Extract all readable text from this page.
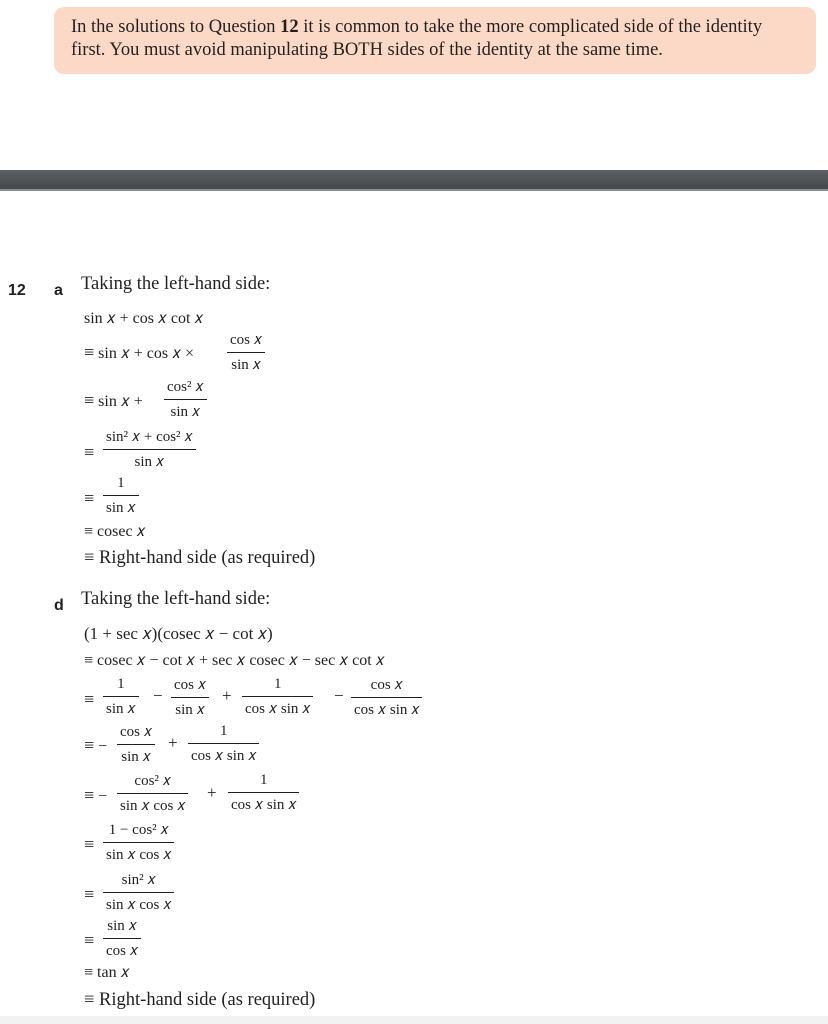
In the solutions to Question 12 it is common to take the more complicated side of the identity first. You must avoid manipulating BOTH sides of the identity at the same time.

12 a Taking the left-hand side:
sin 𝑥 + cos 𝑥 cot 𝑥
≡ sin 𝑥 + cos 𝑥 ×
cos 𝑥
sin 𝑥
≡ sin 𝑥 +
cos² 𝑥
sin 𝑥
≡
sin² 𝑥 + cos² 𝑥
sin 𝑥
≡
1
sin 𝑥
≡ cosec 𝑥
≡ Right-hand side (as required)
d Taking the left-hand side:
(1 + sec 𝑥)(cosec 𝑥 − cot 𝑥)
≡ cosec 𝑥 − cot 𝑥 + sec 𝑥 cosec 𝑥 − sec 𝑥 cot 𝑥
≡
1
sin 𝑥
−
cos 𝑥
sin 𝑥
+
1
cos 𝑥 sin 𝑥
−
cos 𝑥
cos 𝑥 sin 𝑥
≡ −
cos 𝑥
sin 𝑥
+
1
cos 𝑥 sin 𝑥
≡ −
cos² 𝑥
sin 𝑥 cos 𝑥
+
1
cos 𝑥 sin 𝑥
≡
1 − cos² 𝑥
sin 𝑥 cos 𝑥
≡
sin² 𝑥
sin 𝑥 cos 𝑥
≡
sin 𝑥
cos 𝑥
≡ tan 𝑥
≡ Right-hand side (as required)
